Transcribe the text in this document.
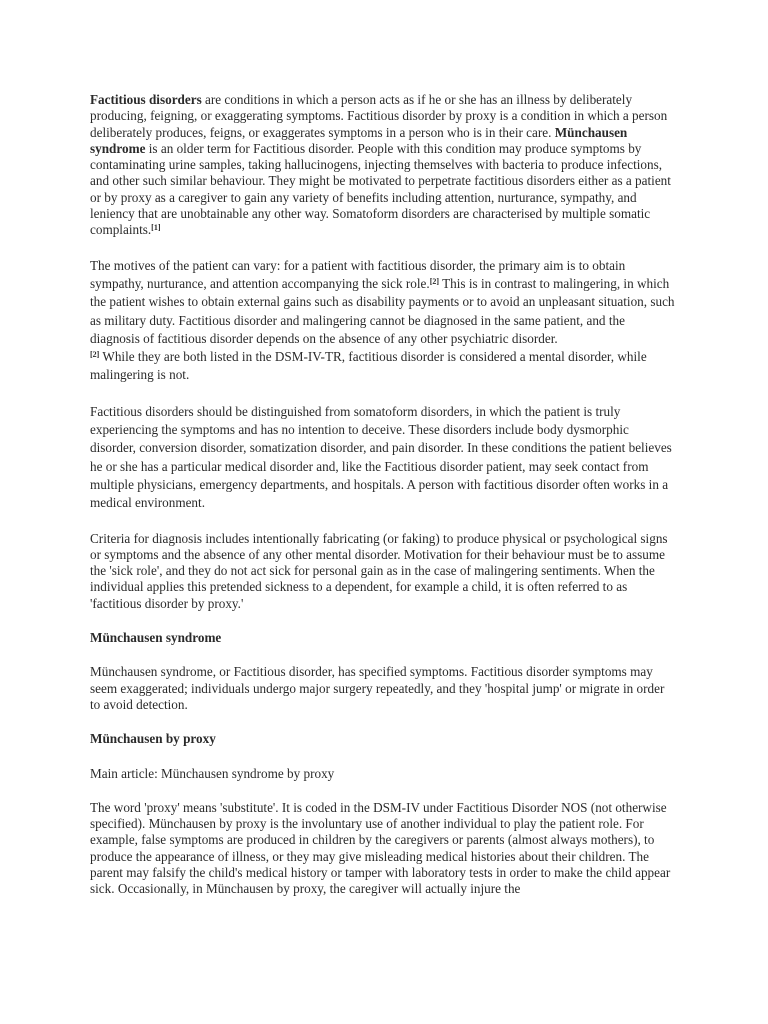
Factitious disorders are conditions in which a person acts as if he or she has an illness by deliberately producing, feigning, or exaggerating symptoms. Factitious disorder by proxy is a condition in which a person deliberately produces, feigns, or exaggerates symptoms in a person who is in their care. Münchausen syndrome is an older term for Factitious disorder. People with this condition may produce symptoms by contaminating urine samples, taking hallucinogens, injecting themselves with bacteria to produce infections, and other such similar behaviour. They might be motivated to perpetrate factitious disorders either as a patient or by proxy as a caregiver to gain any variety of benefits including attention, nurturance, sympathy, and leniency that are unobtainable any other way. Somatoform disorders are characterised by multiple somatic complaints.[1]

The motives of the patient can vary: for a patient with factitious disorder, the primary aim is to obtain sympathy, nurturance, and attention accompanying the sick role.[2] This is in contrast to malingering, in which the patient wishes to obtain external gains such as disability payments or to avoid an unpleasant situation, such as military duty. Factitious disorder and malingering cannot be diagnosed in the same patient, and the diagnosis of factitious disorder depends on the absence of any other psychiatric disorder.
[2] While they are both listed in the DSM-IV-TR, factitious disorder is considered a mental disorder, while malingering is not.

Factitious disorders should be distinguished from somatoform disorders, in which the patient is truly experiencing the symptoms and has no intention to deceive. These disorders include body dysmorphic disorder, conversion disorder, somatization disorder, and pain disorder. In these conditions the patient believes he or she has a particular medical disorder and, like the Factitious disorder patient, may seek contact from multiple physicians, emergency departments, and hospitals. A person with factitious disorder often works in a medical environment.

Criteria for diagnosis includes intentionally fabricating (or faking) to produce physical or psychological signs or symptoms and the absence of any other mental disorder. Motivation for their behaviour must be to assume the 'sick role', and they do not act sick for personal gain as in the case of malingering sentiments. When the individual applies this pretended sickness to a dependent, for example a child, it is often referred to as 'factitious disorder by proxy.'

Münchausen syndrome

Münchausen syndrome, or Factitious disorder, has specified symptoms. Factitious disorder symptoms may seem exaggerated; individuals undergo major surgery repeatedly, and they 'hospital jump' or migrate in order to avoid detection.

Münchausen by proxy

Main article: Münchausen syndrome by proxy

The word 'proxy' means 'substitute'. It is coded in the DSM-IV under Factitious Disorder NOS (not otherwise specified). Münchausen by proxy is the involuntary use of another individual to play the patient role. For example, false symptoms are produced in children by the caregivers or parents (almost always mothers), to produce the appearance of illness, or they may give misleading medical histories about their children. The parent may falsify the child's medical history or tamper with laboratory tests in order to make the child appear sick. Occasionally, in Münchausen by proxy, the caregiver will actually injure the
